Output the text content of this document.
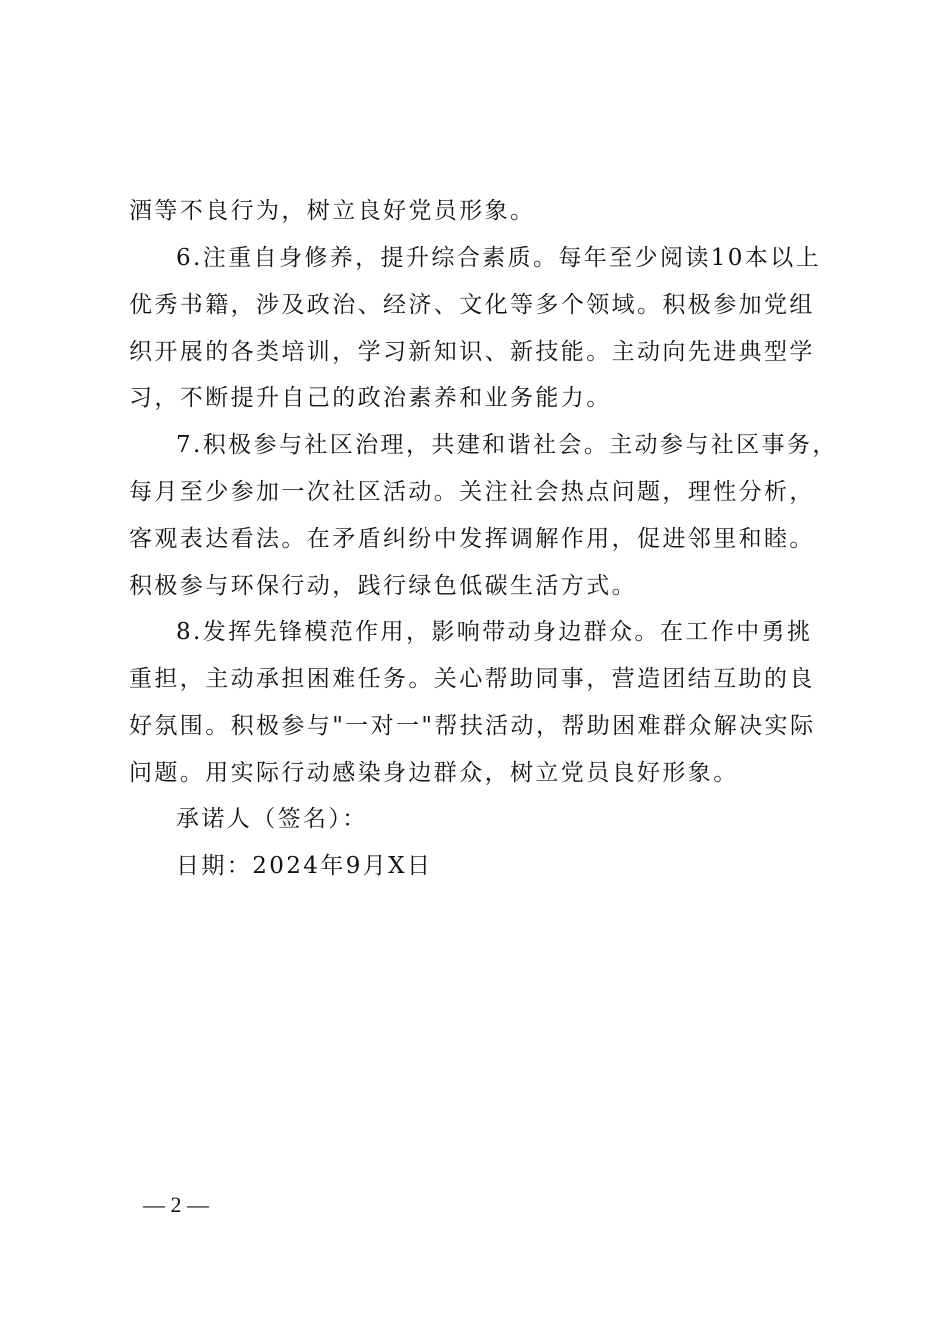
酒等不良行为，树立良好党员形象。
6.注重自身修养，提升综合素质。每年至少阅读10本以上
优秀书籍，涉及政治、经济、文化等多个领域。积极参加党组
织开展的各类培训，学习新知识、新技能。主动向先进典型学
习，不断提升自己的政治素养和业务能力。
7.积极参与社区治理，共建和谐社会。主动参与社区事务，
每月至少参加一次社区活动。关注社会热点问题，理性分析，
客观表达看法。在矛盾纠纷中发挥调解作用，促进邻里和睦。
积极参与环保行动，践行绿色低碳生活方式。
8.发挥先锋模范作用，影响带动身边群众。在工作中勇挑
重担，主动承担困难任务。关心帮助同事，营造团结互助的良
好氛围。积极参与"一对一"帮扶活动，帮助困难群众解决实际
问题。用实际行动感染身边群众，树立党员良好形象。
承诺人（签名）：
日期：2024年9月X日
— 2 —
